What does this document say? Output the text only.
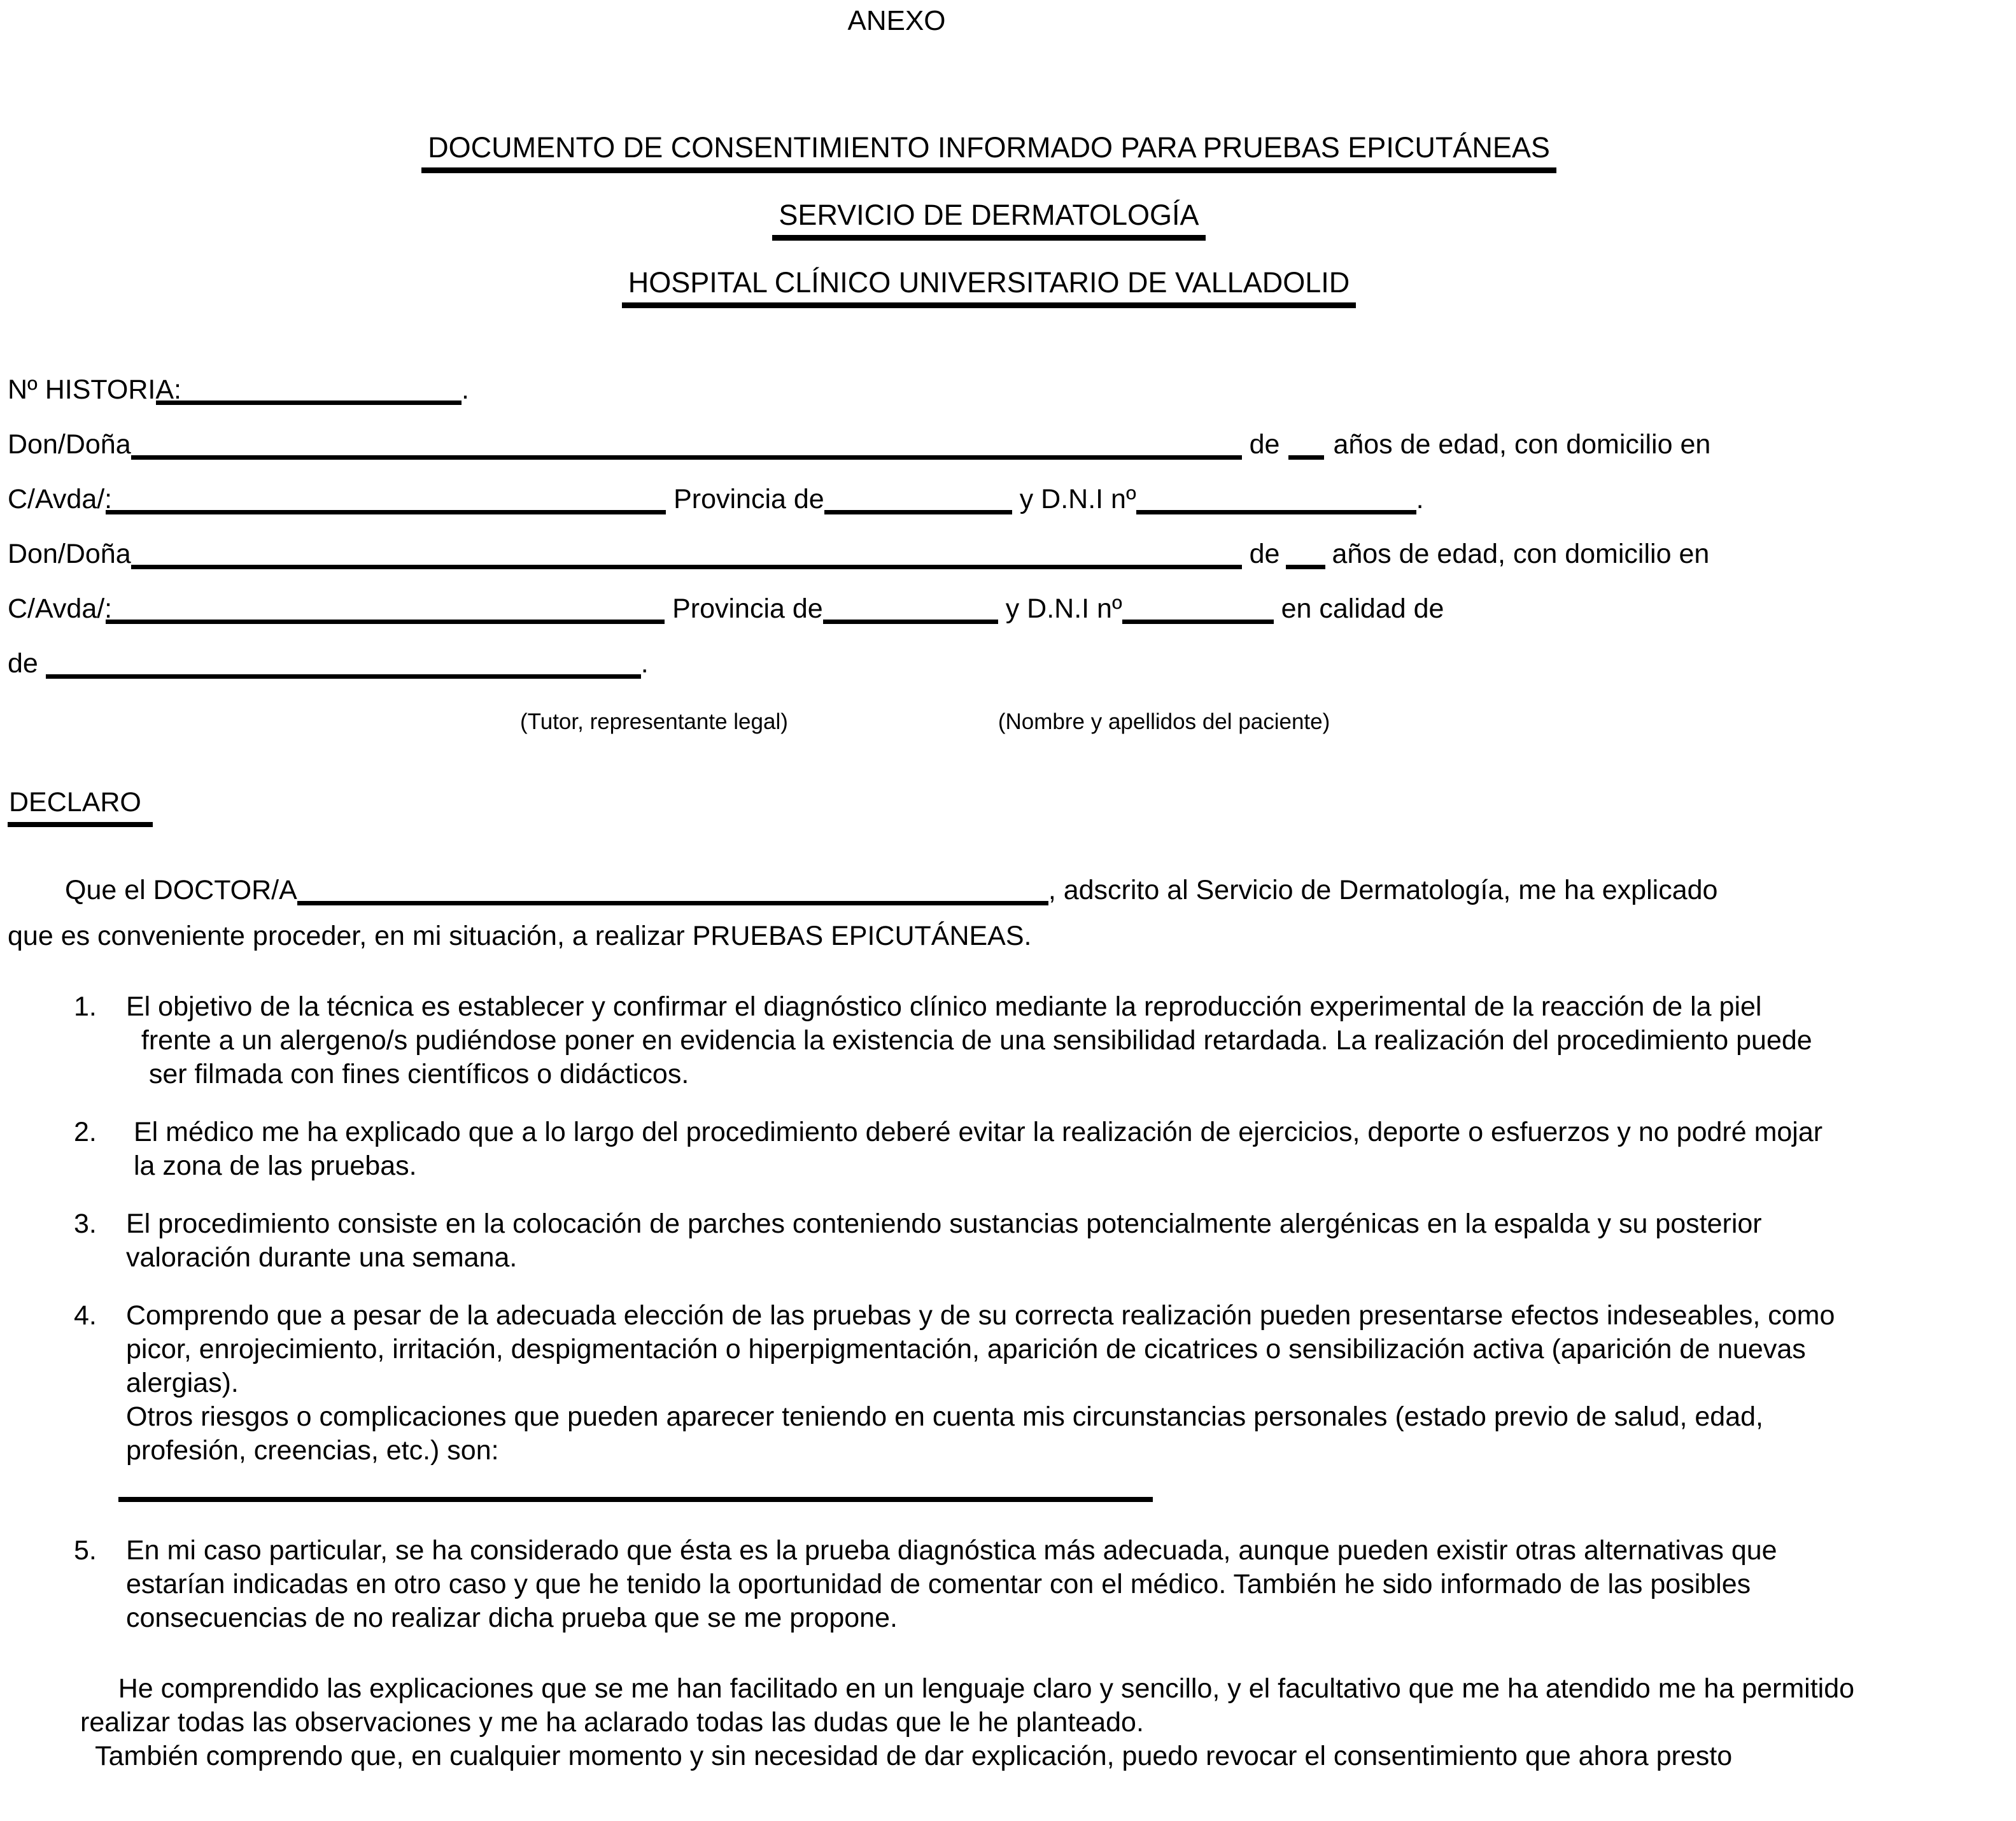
ANEXO
DOCUMENTO DE CONSENTIMIENTO INFORMADO PARA PRUEBAS EPICUTÁNEAS
SERVICIO DE DERMATOLOGÍA
HOSPITAL CLÍNICO UNIVERSITARIO DE VALLADOLID
Nº HISTORIA:	.
Don/Doña	de años de edad, con domicilio en
C/Avda/:	Provincia de	y D.N.I nº	.
Don/Doña	de años de edad, con domicilio en
C/Avda/:	Provincia de	y D.N.I nº	en calidad de
de	.
(Tutor, representante legal)	(Nombre y apellidos del paciente)
DECLARO
Que el DOCTOR/A	, adscrito al Servicio de Dermatología, me ha explicado
que es conveniente proceder, en mi situación, a realizar PRUEBAS EPICUTÁNEAS.
1.	El objetivo de la técnica es establecer y confirmar el diagnóstico clínico mediante la reproducción experimental de la reacción de la piel
frente a un alergeno/s pudiéndose poner en evidencia la existencia de una sensibilidad retardada. La realización del procedimiento puede
ser filmada con fines científicos o didácticos.
2.	El médico me ha explicado que a lo largo del procedimiento deberé evitar la realización de ejercicios, deporte o esfuerzos y no podré mojar
la zona de las pruebas.
3.	El procedimiento consiste en la colocación de parches conteniendo sustancias potencialmente alergénicas en la espalda y su posterior
valoración durante una semana.
4.	Comprendo que a pesar de la adecuada elección de las pruebas y de su correcta realización pueden presentarse efectos indeseables, como
picor, enrojecimiento, irritación, despigmentación o hiperpigmentación, aparición de cicatrices o sensibilización activa (aparición de nuevas
alergias).
Otros riesgos o complicaciones que pueden aparecer teniendo en cuenta mis circunstancias personales (estado previo de salud, edad,
profesión, creencias, etc.) son:
5.	En mi caso particular, se ha considerado que ésta es la prueba diagnóstica más adecuada, aunque pueden existir otras alternativas que
estarían indicadas en otro caso y que he tenido la oportunidad de comentar con el médico. También he sido informado de las posibles
consecuencias de no realizar dicha prueba que se me propone.
He comprendido las explicaciones que se me han facilitado en un lenguaje claro y sencillo, y el facultativo que me ha atendido me ha permitido
realizar todas las observaciones y me ha aclarado todas las dudas que le he planteado.
También comprendo que, en cualquier momento y sin necesidad de dar explicación, puedo revocar el consentimiento que ahora presto
